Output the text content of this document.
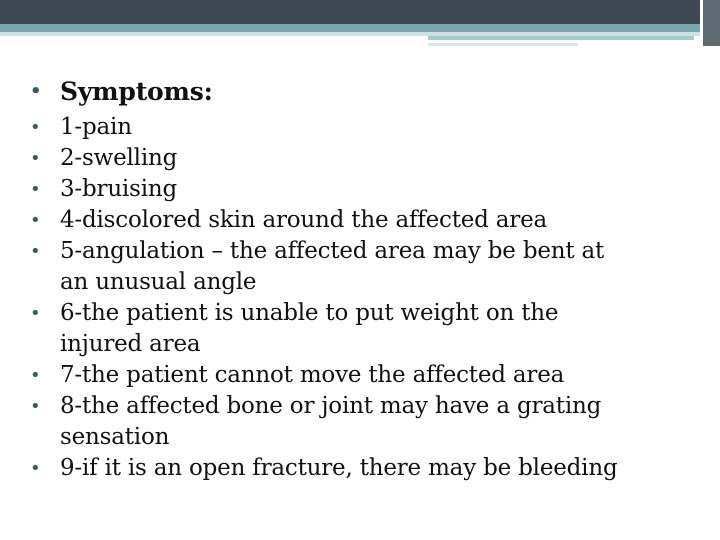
• Symptoms:
• 1-pain
• 2-swelling
• 3-bruising
• 4-discolored skin around the affected area
• 5-angulation – the affected area may be bent at
an unusual angle
• 6-the patient is unable to put weight on the
injured area
• 7-the patient cannot move the affected area
• 8-the affected bone or joint may have a grating
sensation
• 9-if it is an open fracture, there may be bleeding
